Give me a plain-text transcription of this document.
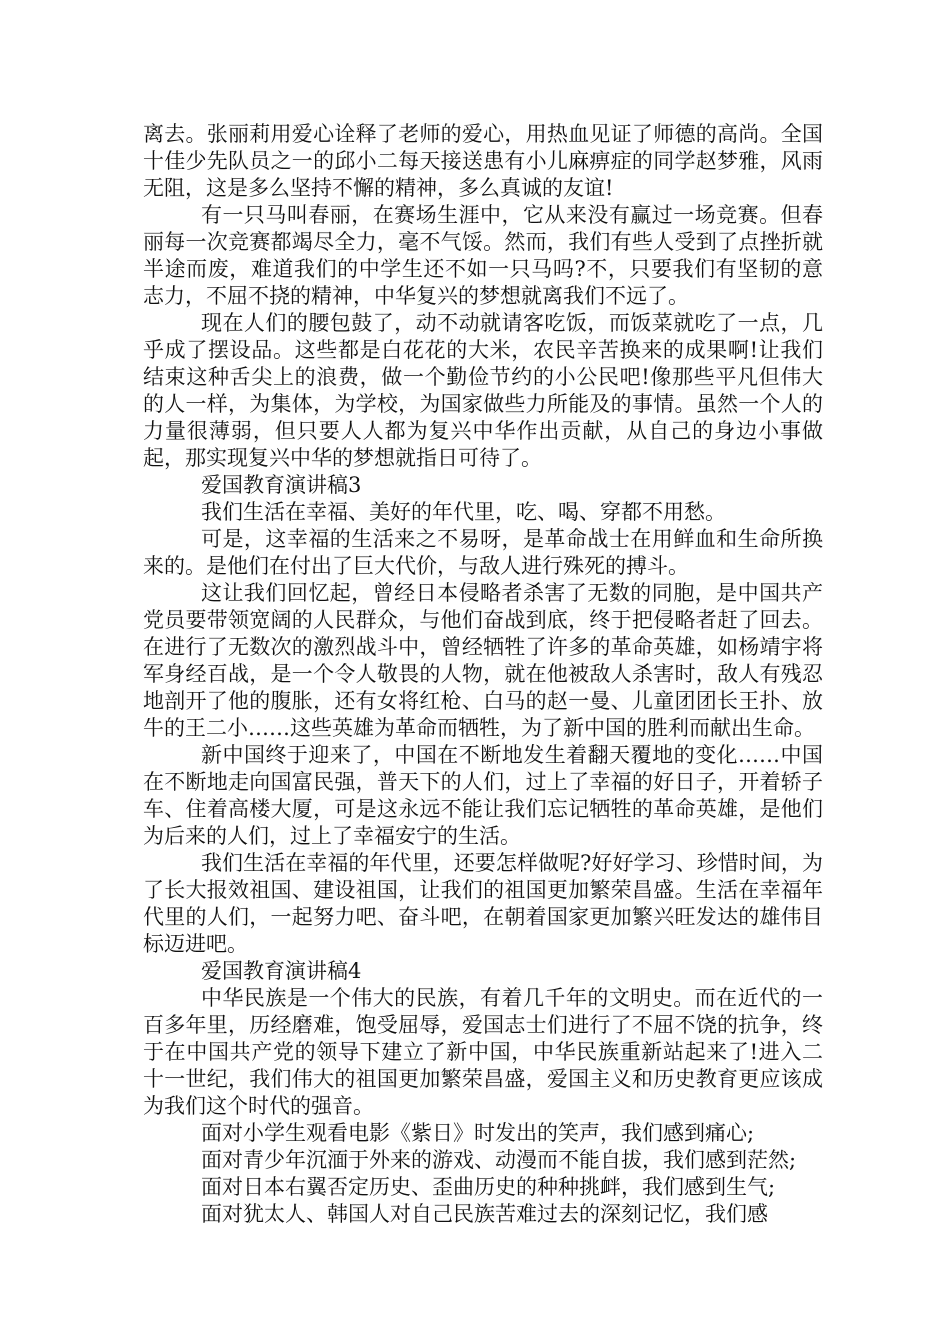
离去。张丽莉用爱心诠释了老师的爱心，用热血见证了师德的高尚。全国十佳少先队员之一的邱小二每天接送患有小儿麻痹症的同学赵梦雅，风雨无阻，这是多么坚持不懈的精神，多么真诚的友谊!

有一只马叫春丽，在赛场生涯中，它从来没有赢过一场竞赛。但春丽每一次竞赛都竭尽全力，毫不气馁。然而，我们有些人受到了点挫折就半途而废，难道我们的中学生还不如一只马吗?不，只要我们有坚韧的意志力，不屈不挠的精神，中华复兴的梦想就离我们不远了。

现在人们的腰包鼓了，动不动就请客吃饭，而饭菜就吃了一点，几乎成了摆设品。这些都是白花花的大米，农民辛苦换来的成果啊!让我们结束这种舌尖上的浪费，做一个勤俭节约的小公民吧!像那些平凡但伟大的人一样，为集体，为学校，为国家做些力所能及的事情。虽然一个人的力量很薄弱，但只要人人都为复兴中华作出贡献，从自己的身边小事做起，那实现复兴中华的梦想就指日可待了。

爱国教育演讲稿3

我们生活在幸福、美好的年代里，吃、喝、穿都不用愁。

可是，这幸福的生活来之不易呀，是革命战士在用鲜血和生命所换来的。是他们在付出了巨大代价，与敌人进行殊死的搏斗。

这让我们回忆起，曾经日本侵略者杀害了无数的同胞，是中国共产党员要带领宽阔的人民群众，与他们奋战到底，终于把侵略者赶了回去。在进行了无数次的激烈战斗中，曾经牺牲了许多的革命英雄，如杨靖宇将军身经百战，是一个令人敬畏的人物，就在他被敌人杀害时，敌人有残忍地剖开了他的腹胀，还有女将红枪、白马的赵一曼、儿童团团长王扑、放牛的王二小……这些英雄为革命而牺牲，为了新中国的胜利而献出生命。

新中国终于迎来了，中国在不断地发生着翻天覆地的变化……中国在不断地走向国富民强，普天下的人们，过上了幸福的好日子，开着轿子车、住着高楼大厦，可是这永远不能让我们忘记牺牲的革命英雄，是他们为后来的人们，过上了幸福安宁的生活。

我们生活在幸福的年代里，还要怎样做呢?好好学习、珍惜时间，为了长大报效祖国、建设祖国，让我们的祖国更加繁荣昌盛。生活在幸福年代里的人们，一起努力吧、奋斗吧，在朝着国家更加繁兴旺发达的雄伟目标迈进吧。

爱国教育演讲稿4

中华民族是一个伟大的民族，有着几千年的文明史。而在近代的一百多年里，历经磨难，饱受屈辱，爱国志士们进行了不屈不饶的抗争，终于在中国共产党的领导下建立了新中国，中华民族重新站起来了!进入二十一世纪，我们伟大的祖国更加繁荣昌盛，爱国主义和历史教育更应该成为我们这个时代的强音。

面对小学生观看电影《紫日》时发出的笑声，我们感到痛心;

面对青少年沉湎于外来的游戏、动漫而不能自拔，我们感到茫然;

面对日本右翼否定历史、歪曲历史的种种挑衅，我们感到生气;

面对犹太人、韩国人对自己民族苦难过去的深刻记忆，我们感
